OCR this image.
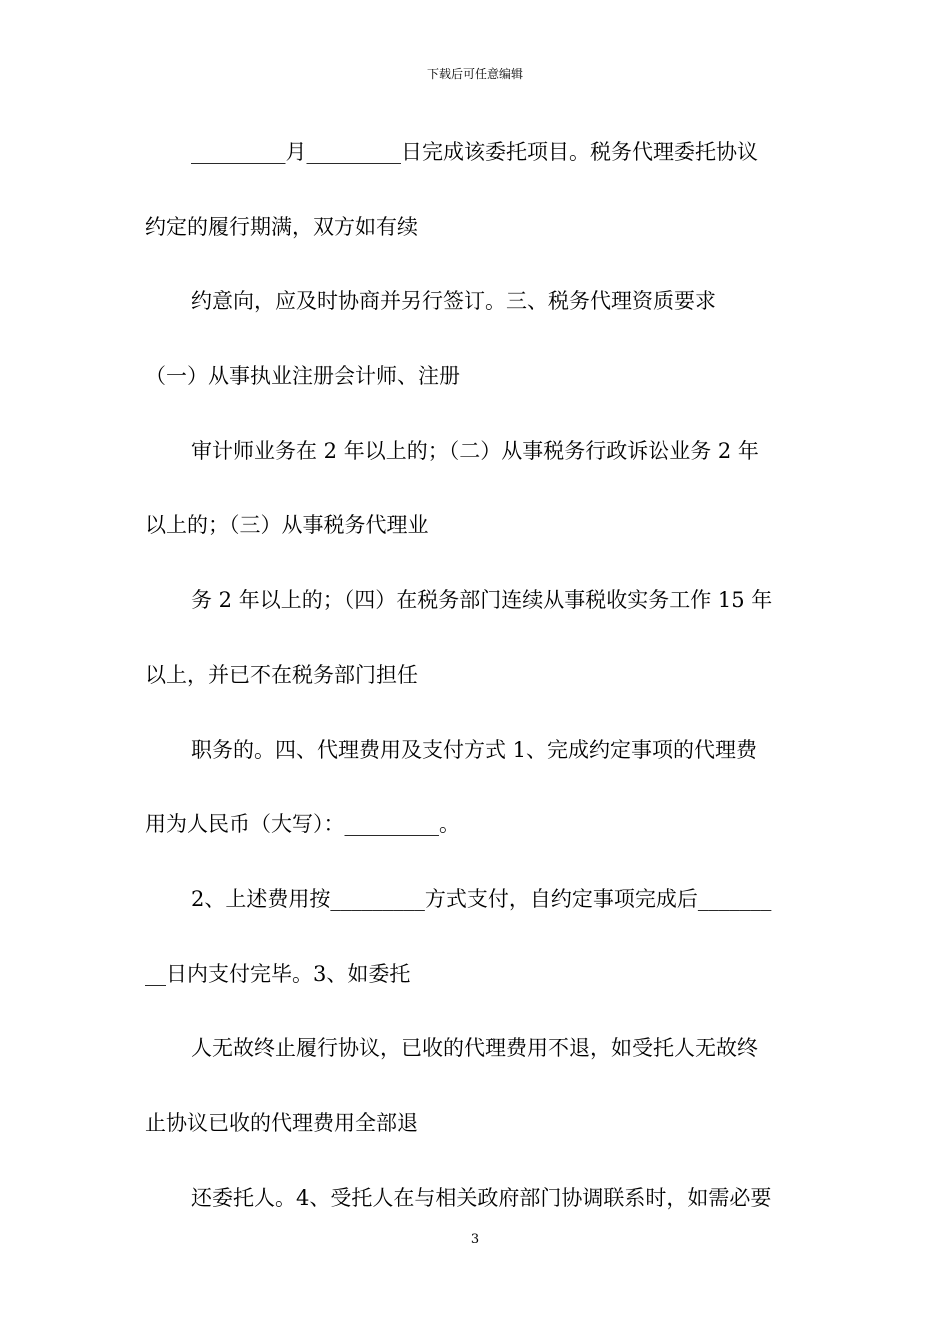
下载后可任意编辑
_________月_________日完成该委托项目。税务代理委托协议
约定的履行期满，双方如有续
约意向，应及时协商并另行签订。三、税务代理资质要求
（一）从事执业注册会计师、注册
审计师业务在 2 年以上的；（二）从事税务行政诉讼业务 2 年
以上的；（三）从事税务代理业
务 2 年以上的；（四）在税务部门连续从事税收实务工作 15 年
以上，并已不在税务部门担任
职务的。四、代理费用及支付方式 1、完成约定事项的代理费
用为人民币（大写）：_________。
2、上述费用按_________方式支付，自约定事项完成后_______
__日内支付完毕。3、如委托
人无故终止履行协议，已收的代理费用不退，如受托人无故终
止协议已收的代理费用全部退
还委托人。4、受托人在与相关政府部门协调联系时，如需必要
3
